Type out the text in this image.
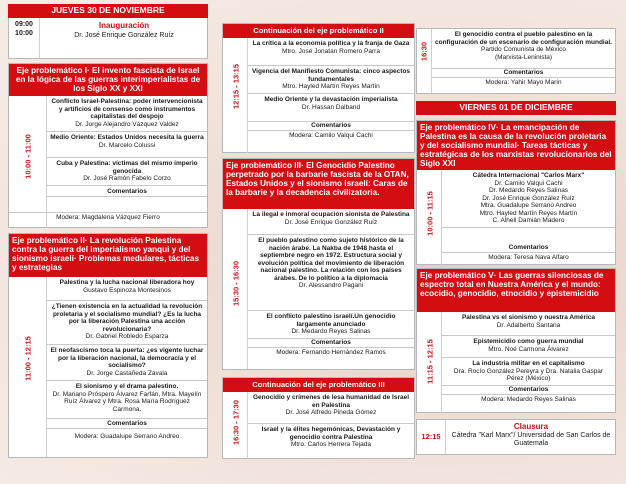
JUEVES 30 DE NOVIEMBRE
09:00
10:00
Inauguración
Dr. José Enrique González Ruíz
Eje problemático I· El invento fascista de Israel en la lógica de las guerras interimperialistas de los Siglo XX y XXI
10:00 - 11:00
Conflicto Israel-Palestina: poder intervencionista y artificios de consenso como instrumentos capitalistas del despojo
Dr. Jorge Alejandro Vázquez Valdez
Medio Oriente: Estados Unidos necesita la guerra
Dr. Marcelo Colussi
Cuba y Palestina: víctimas del mismo imperio genocida
Dr. José Ramón Fabelo Corzo
Comentarios
Modera: Magdalena Vázquez Fierro
Eje problemático II· La revolución Palestina contra la guerra del imperialismo yanqui y del sionismo israelí· Problemas medulares, tácticas y estrategias
11:00 - 12:15
Palestina y la lucha nacional liberadora hoy
Gustavo Espinoza Montesinos
¿Tienen existencia en la actualidad la revolución proletaria y el socialismo mundial? ¿Es la lucha por la liberación Palestina una acción revolucionaria?
Dr. Gabriel Robledo Esparza
El neofascismo toca la puerta: ¿es vigente luchar por la liberación nacional, la democracia y el socialismo?
Dr. Jorge Castañeda Zavala
El sionismo y el drama palestino.
Dr. Mariano Próspero Álvarez Farfán, Mtra. Mayelín Ruíz Álvarez y Mtra. Rosa María Rodríguez Carmona.
Comentarios
Modera: Guadalupe Serrano Andreo
Continuación del eje problemático II
12:15 - 13:15
La crítica a la economía política y la franja de Gaza
Mtro. José Jonatan Romero Parra
Vigencia del Manifiesto Comunista: cinco aspectos fundamentales
Mtro. Hayled Martín Reyes Martín
Medio Oriente y la devastación imperialista
Dr. Hassan Dalband
Comentarios
Modera: Camilo Valqui Cachi
Eje problemático III· El Genocidio Palestino perpetrado por la barbarie fascista de la OTAN, Estados Unidos y el sionismo israelí: Caras de la barbarie y la decadencia civilizatoria.
15:30 - 16:30
La ilegal e inmoral ocupación sionista de Palestina
Dr. José Enrique González Ruíz
El pueblo palestino como sujeto histórico de la nación árabe. La Nakba de 1948 hasta el septiembre negro en 1972. Estructura social y evolución política del movimiento de liberación nacional palestino. La relación con los países árabes. De lo político a la diplomacia
Dr. Alessandro Pagani
El conflicto palestino israelí.Un genocidio largamente anunciado
Dr. Medardo Reyes Salinas
Comentarios
Modera: Fernando Hernández Ramos
Continuación del eje problemático III
16:30 - 17:30
Genocidio y crímenes de lesa humanidad de Israel en Palestina
Dr. José Alfredo Pineda Gómez
Israel y la élites hegemónicas, Devastación y genocidio contra Palestina
Mtro. Carlos Herrera Tejada
16:30
El genocidio contra el pueblo palestino en la configuración de un escenario de configuración mundial.
Partido Comunista de México
(Marxista-Leninista)
Comentarios
Modera: Yahir Mayo Marín
VIERNES 01 DE DICIEMBRE
Eje problemático IV· La emancipación de Palestina es la causa de la revolución proletaria y del socialismo mundial· Tareas tácticas y estratégicas de los marxistas revolucionarios del Siglo XXI
10:00 - 11:15
Cátedra Internacional "Carlos Marx"
Dr. Camilo Valqui Cachi
Dr. Medardo Reyes Salinas
Dr. José Enrique González Ruíz
Mtra. Guadalupe Serrano Andreo
Mtro. Hayled Martín Reyes Martín
C. Alhell Damián Madero
Comentarios
Modera: Teresa Nava Alfaro
Eje problemático V· Las guerras silenciosas de espectro total en Nuestra América y el mundo: ecocidio, genocidio, etnocidio y epistemicidio
11:15 - 12:15
Palestina vs el sionismo y nuestra América
Dr. Adalberto Santana
Epistemicidio como guerra mundial
Mtro. Noé Carmona Álvarez
La industria militar en el capitalismo
Dra. Rocío González Pereyra y Dra. Natalia Gaspar Pérez (México)
Comentarios
Modera: Medardo Reyes Salinas
12:15
Clausura
Cátedra "Karl Marx"/ Universidad de San Carlos de Guatemala
